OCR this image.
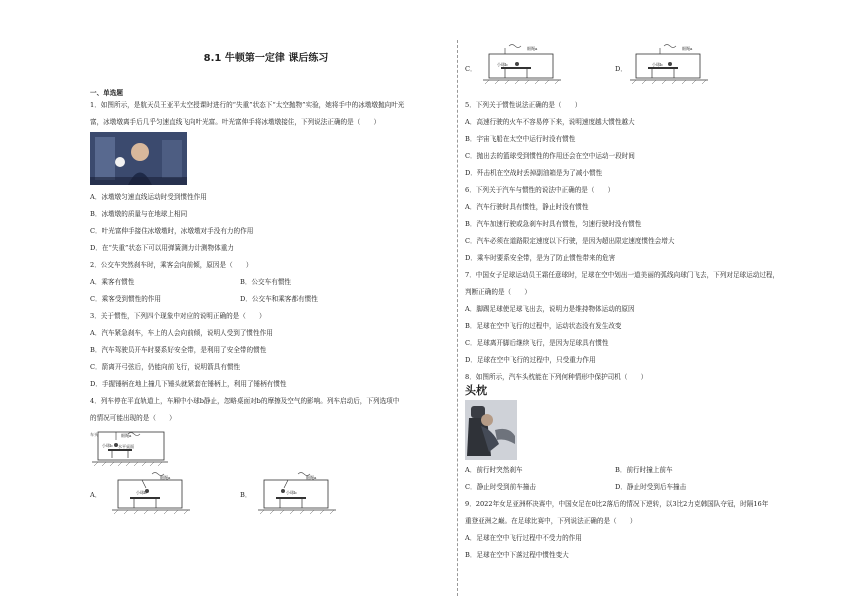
8.1 牛顿第一定律 课后练习
一、单选题
1．如图所示，是航天员王亚平太空授课时进行的“失重”状态下“太空抛物”实验，她将手中的冰墩墩抛向叶光
富，冰墩墩离手后几乎匀速直线飞向叶光富。叶光富伸手将冰墩墩接住，下列说法正确的是（　　）
A．冰墩墩匀速直线运动时受到惯性作用
B．冰墩墩的质量与在地球上相同
C．叶光富伸手接住冰墩墩时，冰墩墩对手没有力的作用
D．在“失重”状态下可以用弹簧测力计测物体重力
2．公交车突然刹车时，乘客会向前倾，原因是（　　）
A．乘客有惯性	B．公交车有惯性
C．乘客受到惯性的作用	D．公交车和乘客都有惯性
3．关于惯性，下列四个现象中对应的说明正确的是（　　）
A．汽车紧急刹车，车上的人会向前倾，说明人受到了惯性作用
B．汽车驾驶员开车时要系好安全带，是利用了安全带的惯性
C．箭离开弓弦后，仍能向前飞行，说明箭具有惯性
D．手握锤柄在地上撞几下锤头就紧套在锤柄上，利用了锤柄有惯性
4．列车停在平直轨道上，车厢中小球b静止，忽略桌面对b的摩擦及空气的影响。列车启动后，下列选项中
的情况可能出现的是（　　）
车头	细绳a
小球b 水平桌面
A．
细绳a
小球b	B．
细绳a
小球b
C．
细绳a
小球b
D．
细绳a
小球b
5．下列关于惯性说法正确的是（　　）
A．高速行驶的火车不容易停下来，说明速度越大惯性越大
B．宇宙飞船在太空中运行时没有惯性
C．抛出去的篮球受到惯性的作用还会在空中运动一段时间
D．歼击机在空战时丢掉副油箱是为了减小惯性
6．下列关于汽车与惯性的说法中正确的是（　　）
A．汽车行驶时具有惯性，静止时没有惯性
B．汽车加速行驶或急刹车时具有惯性，匀速行驶时没有惯性
C．汽车必须在道路限定速度以下行驶，是因为超出限定速度惯性会增大
D．乘车时要系安全带，是为了防止惯性带来的危害
7．中国女子足球运动员王霜任意球时，足球在空中划出一道美丽的弧线向球门飞去，下列对足球运动过程，
判断正确的是（　　）
A．脚踢足球使足球飞出去，说明力是维持物体运动的原因
B．足球在空中飞行的过程中，运动状态没有发生改变
C．足球离开脚后继续飞行，是因为足球具有惯性
D．足球在空中飞行的过程中，只受重力作用
8．如图所示，汽车头枕能在下列何种情形中保护司机（　　）
头枕
A．前行时突然刹车	B．前行时撞上前车
C．静止时受到前车撞击	D．静止时受到后车撞击
9．2022年女足亚洲杯决赛中，中国女足在0比2落后的情况下逆转，以3比2力克韩国队夺冠，时隔16年
重登亚洲之巅。在足球比赛中，下列说法正确的是（　　）
A．足球在空中飞行过程中不受力的作用
B．足球在空中下落过程中惯性变大
